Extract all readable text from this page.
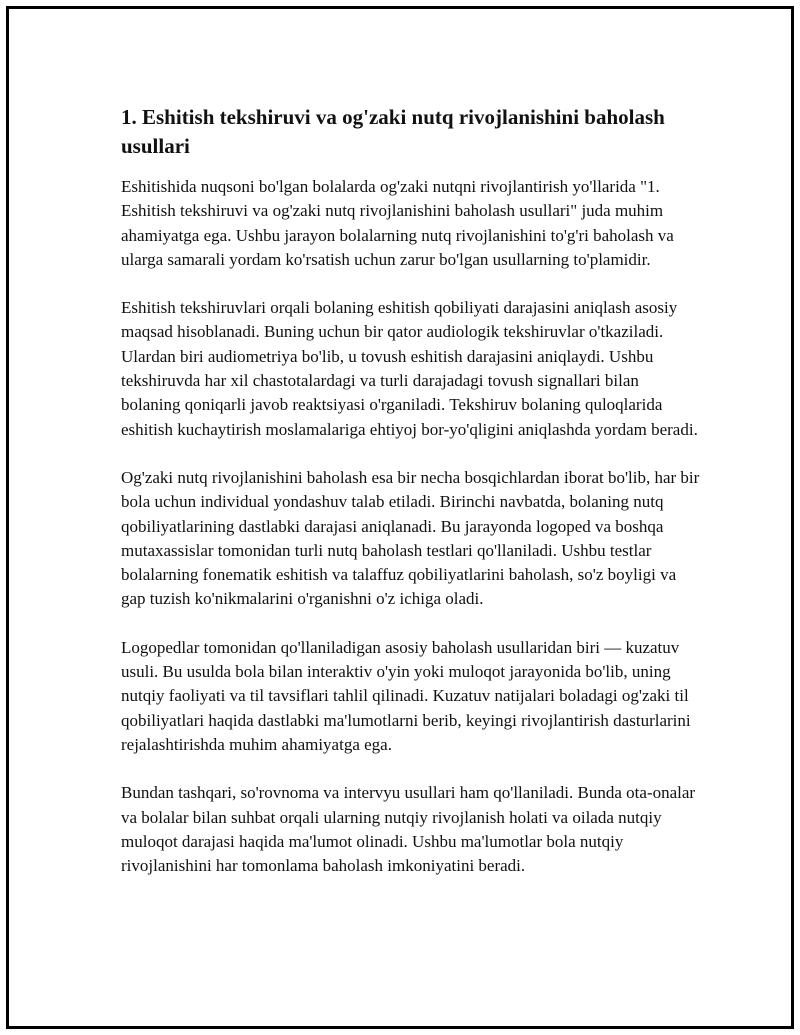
1. Eshitish tekshiruvi va og'zaki nutq rivojlanishini baholash usullari

Eshitishida nuqsoni bo'lgan bolalarda og'zaki nutqni rivojlantirish yo'llarida "1. Eshitish tekshiruvi va og'zaki nutq rivojlanishini baholash usullari" juda muhim ahamiyatga ega. Ushbu jarayon bolalarning nutq rivojlanishini to'g'ri baholash va ularga samarali yordam ko'rsatish uchun zarur bo'lgan usullarning to'plamidir.

Eshitish tekshiruvlari orqali bolaning eshitish qobiliyati darajasini aniqlash asosiy maqsad hisoblanadi. Buning uchun bir qator audiologik tekshiruvlar o'tkaziladi. Ulardan biri audiometriya bo'lib, u tovush eshitish darajasini aniqlaydi. Ushbu tekshiruvda har xil chastotalardagi va turli darajadagi tovush signallari bilan bolaning qoniqarli javob reaktsiyasi o'rganiladi. Tekshiruv bolaning quloqlarida eshitish kuchaytirish moslamalariga ehtiyoj bor-yo'qligini aniqlashda yordam beradi.

Og'zaki nutq rivojlanishini baholash esa bir necha bosqichlardan iborat bo'lib, har bir bola uchun individual yondashuv talab etiladi. Birinchi navbatda, bolaning nutq qobiliyatlarining dastlabki darajasi aniqlanadi. Bu jarayonda logoped va boshqa mutaxassislar tomonidan turli nutq baholash testlari qo'llaniladi. Ushbu testlar bolalarning fonematik eshitish va talaffuz qobiliyatlarini baholash, so'z boyligi va gap tuzish ko'nikmalarini o'rganishni o'z ichiga oladi.

Logopedlar tomonidan qo'llaniladigan asosiy baholash usullaridan biri — kuzatuv usuli. Bu usulda bola bilan interaktiv o'yin yoki muloqot jarayonida bo'lib, uning nutqiy faoliyati va til tavsiflari tahlil qilinadi. Kuzatuv natijalari boladagi og'zaki til qobiliyatlari haqida dastlabki ma'lumotlarni berib, keyingi rivojlantirish dasturlarini rejalashtirishda muhim ahamiyatga ega.

Bundan tashqari, so'rovnoma va intervyu usullari ham qo'llaniladi. Bunda ota-onalar va bolalar bilan suhbat orqali ularning nutqiy rivojlanish holati va oilada nutqiy muloqot darajasi haqida ma'lumot olinadi. Ushbu ma'lumotlar bola nutqiy rivojlanishini har tomonlama baholash imkoniyatini beradi.
